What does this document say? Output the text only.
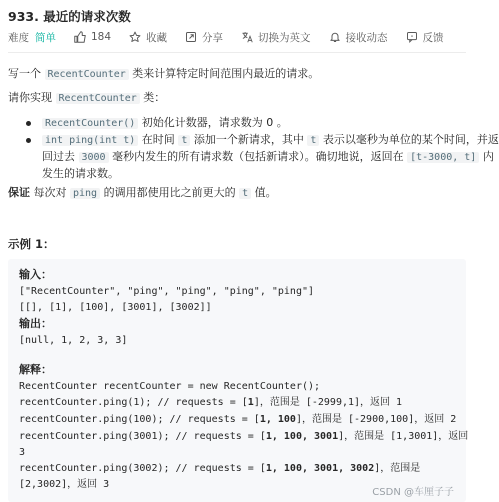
933. 最近的请求次数
难度 简单	184	收藏	分享	切换为英文	接收动态	反馈
写一个 RecentCounter 类来计算特定时间范围内最近的请求。
请你实现 RecentCounter 类：
RecentCounter() 初始化计数器，请求数为 0 。
int ping(int t) 在时间 t 添加一个新请求，其中 t 表示以毫秒为单位的某个时间，并返
回过去 3000 毫秒内发生的所有请求数（包括新请求）。确切地说，返回在 [t-3000, t] 内
发生的请求数。
保证 每次对 ping 的调用都使用比之前更大的 t 值。
示例 1：
输入：
["RecentCounter", "ping", "ping", "ping", "ping"]
[[], [1], [100], [3001], [3002]]
输出：
[null, 1, 2, 3, 3]
解释：
RecentCounter recentCounter = new RecentCounter();
recentCounter.ping(1); // requests = [1]，范围是 [-2999,1]，返回 1
recentCounter.ping(100); // requests = [1, 100]，范围是 [-2900,100]，返回 2
recentCounter.ping(3001); // requests = [1, 100, 3001]，范围是 [1,3001]，返回
3
recentCounter.ping(3002); // requests = [1, 100, 3001, 3002]，范围是
[2,3002]，返回 3
CSDN @车厘子子
